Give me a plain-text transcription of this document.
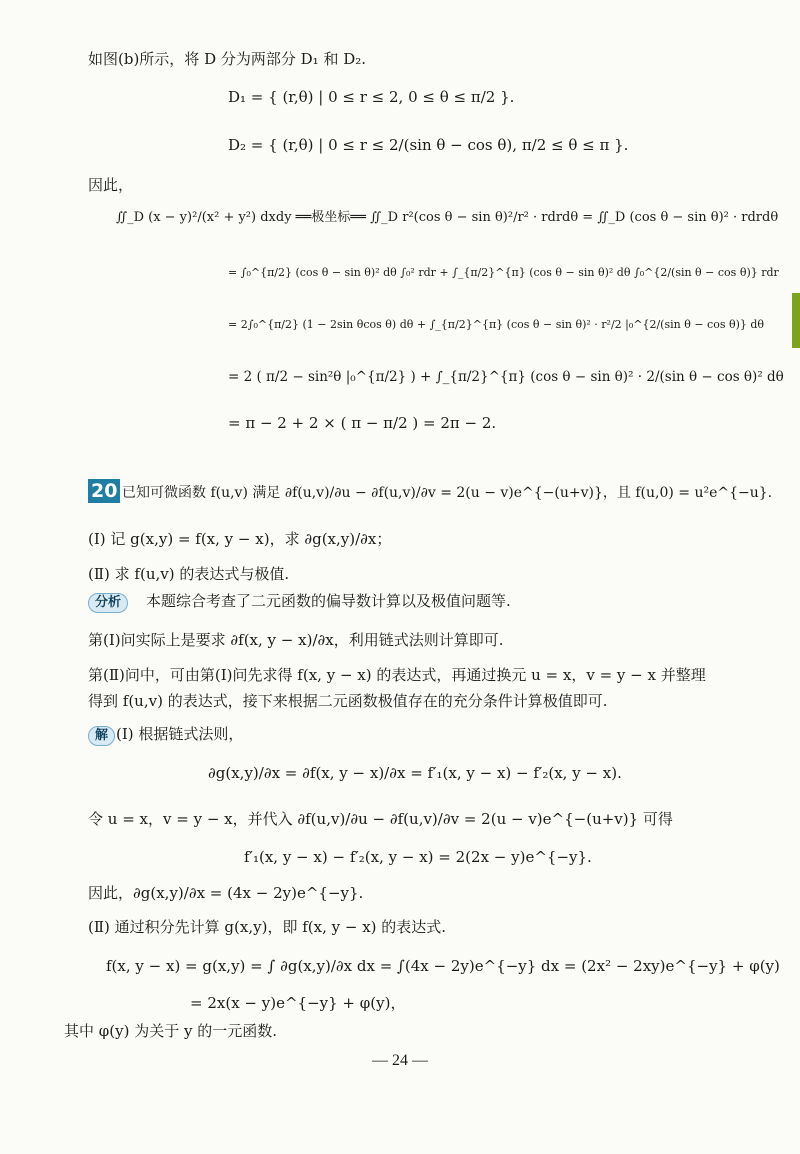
20
分析
解
— 24 —
如图(b)所示，将 D 分为两部分 D₁ 和 D₂.
D₁ = { (r,θ) | 0 ≤ r ≤ 2, 0 ≤ θ ≤ π/2 }.
D₂ = { (r,θ) | 0 ≤ r ≤ 2/(sin θ − cos θ), π/2 ≤ θ ≤ π }.
因此，
∬_D (x − y)²/(x² + y²) dxdy ══极坐标══ ∬_D r²(cos θ − sin θ)²/r² · rdrdθ = ∬_D (cos θ − sin θ)² · rdrdθ
= ∫₀^{π/2} (cos θ − sin θ)² dθ ∫₀² rdr + ∫_{π/2}^{π} (cos θ − sin θ)² dθ ∫₀^{2/(sin θ − cos θ)} rdr
= 2∫₀^{π/2} (1 − 2sin θcos θ) dθ + ∫_{π/2}^{π} (cos θ − sin θ)² · r²/2 |₀^{2/(sin θ − cos θ)} dθ
= 2 ( π/2 − sin²θ |₀^{π/2} ) + ∫_{π/2}^{π} (cos θ − sin θ)² · 2/(sin θ − cos θ)² dθ
= π − 2 + 2 × ( π − π/2 ) = 2π − 2.
已知可微函数 f(u,v) 满足 ∂f(u,v)/∂u − ∂f(u,v)/∂v = 2(u − v)e^{−(u+v)}，且 f(u,0) = u²e^{−u}.
(Ⅰ) 记 g(x,y) = f(x, y − x)，求 ∂g(x,y)/∂x；
(Ⅱ) 求 f(u,v) 的表达式与极值.
本题综合考查了二元函数的偏导数计算以及极值问题等.
第(Ⅰ)问实际上是要求 ∂f(x, y − x)/∂x，利用链式法则计算即可.
第(Ⅱ)问中，可由第(Ⅰ)问先求得 f(x, y − x) 的表达式，再通过换元 u = x，v = y − x 并整理
得到 f(u,v) 的表达式，接下来根据二元函数极值存在的充分条件计算极值即可.
(Ⅰ) 根据链式法则，
∂g(x,y)/∂x = ∂f(x, y − x)/∂x = f′₁(x, y − x) − f′₂(x, y − x).
令 u = x，v = y − x，并代入 ∂f(u,v)/∂u − ∂f(u,v)/∂v = 2(u − v)e^{−(u+v)} 可得
f′₁(x, y − x) − f′₂(x, y − x) = 2(2x − y)e^{−y}.
因此，∂g(x,y)/∂x = (4x − 2y)e^{−y}.
(Ⅱ) 通过积分先计算 g(x,y)，即 f(x, y − x) 的表达式.
f(x, y − x) = g(x,y) = ∫ ∂g(x,y)/∂x dx = ∫(4x − 2y)e^{−y} dx = (2x² − 2xy)e^{−y} + φ(y)
= 2x(x − y)e^{−y} + φ(y)，
其中 φ(y) 为关于 y 的一元函数.
